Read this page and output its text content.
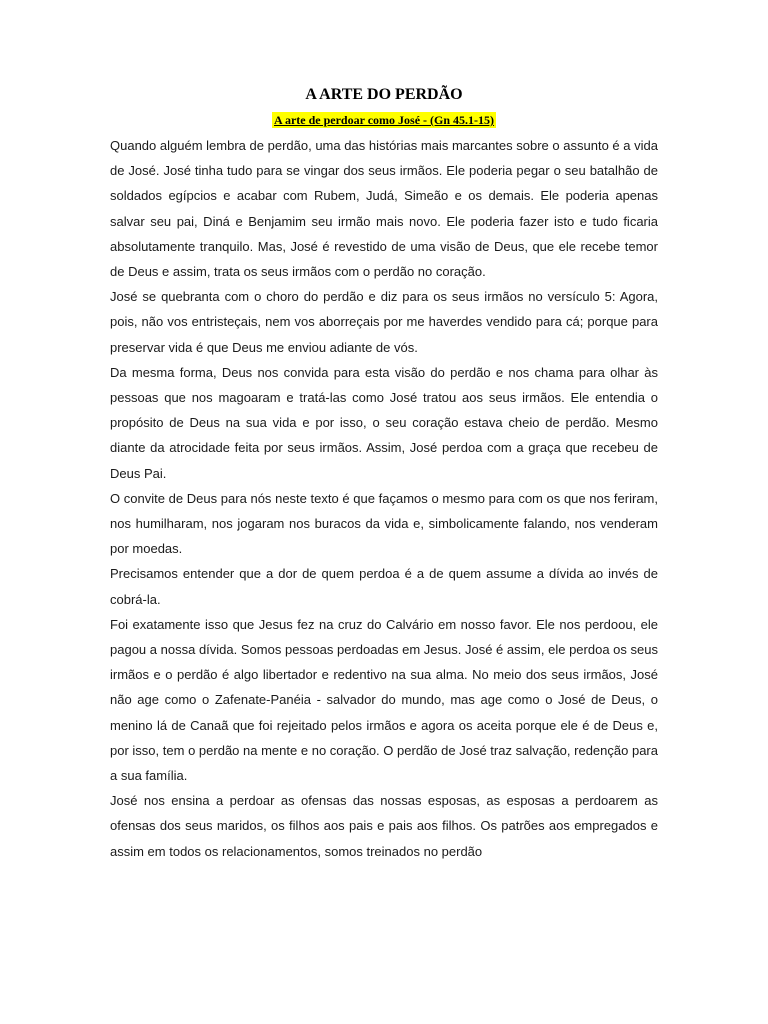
A ARTE DO PERDÃO
A arte de perdoar como José - (Gn 45.1-15)

Quando alguém lembra de perdão, uma das histórias mais marcantes sobre o assunto é a vida de José. José tinha tudo para se vingar dos seus irmãos. Ele poderia pegar o seu batalhão de soldados egípcios e acabar com Rubem, Judá, Simeão e os demais. Ele poderia apenas salvar seu pai, Diná e Benjamim seu irmão mais novo. Ele poderia fazer isto e tudo ficaria absolutamente tranquilo. Mas, José é revestido de uma visão de Deus, que ele recebe temor de Deus e assim, trata os seus irmãos com o perdão no coração.

José se quebranta com o choro do perdão e diz para os seus irmãos no versículo 5: Agora, pois, não vos entristeçais, nem vos aborreçais por me haverdes vendido para cá; porque para preservar vida é que Deus me enviou adiante de vós.

Da mesma forma, Deus nos convida para esta visão do perdão e nos chama para olhar às pessoas que nos magoaram e tratá-las como José tratou aos seus irmãos. Ele entendia o propósito de Deus na sua vida e por isso, o seu coração estava cheio de perdão. Mesmo diante da atrocidade feita por seus irmãos. Assim, José perdoa com a graça que recebeu de Deus Pai.

O convite de Deus para nós neste texto é que façamos o mesmo para com os que nos feriram, nos humilharam, nos jogaram nos buracos da vida e, simbolicamente falando, nos venderam por moedas.

Precisamos entender que a dor de quem perdoa é a de quem assume a dívida ao invés de cobrá-la.

Foi exatamente isso que Jesus fez na cruz do Calvário em nosso favor. Ele nos perdoou, ele pagou a nossa dívida. Somos pessoas perdoadas em Jesus. José é assim, ele perdoa os seus irmãos e o perdão é algo libertador e redentivo na sua alma. No meio dos seus irmãos, José não age como o Zafenate-Panéia - salvador do mundo, mas age como o José de Deus, o menino lá de Canaã que foi rejeitado pelos irmãos e agora os aceita porque ele é de Deus e, por isso, tem o perdão na mente e no coração. O perdão de José traz salvação, redenção para a sua família.

José nos ensina a perdoar as ofensas das nossas esposas, as esposas a perdoarem as ofensas dos seus maridos, os filhos aos pais e pais aos filhos. Os patrões aos empregados e assim em todos os relacionamentos, somos treinados no perdão
